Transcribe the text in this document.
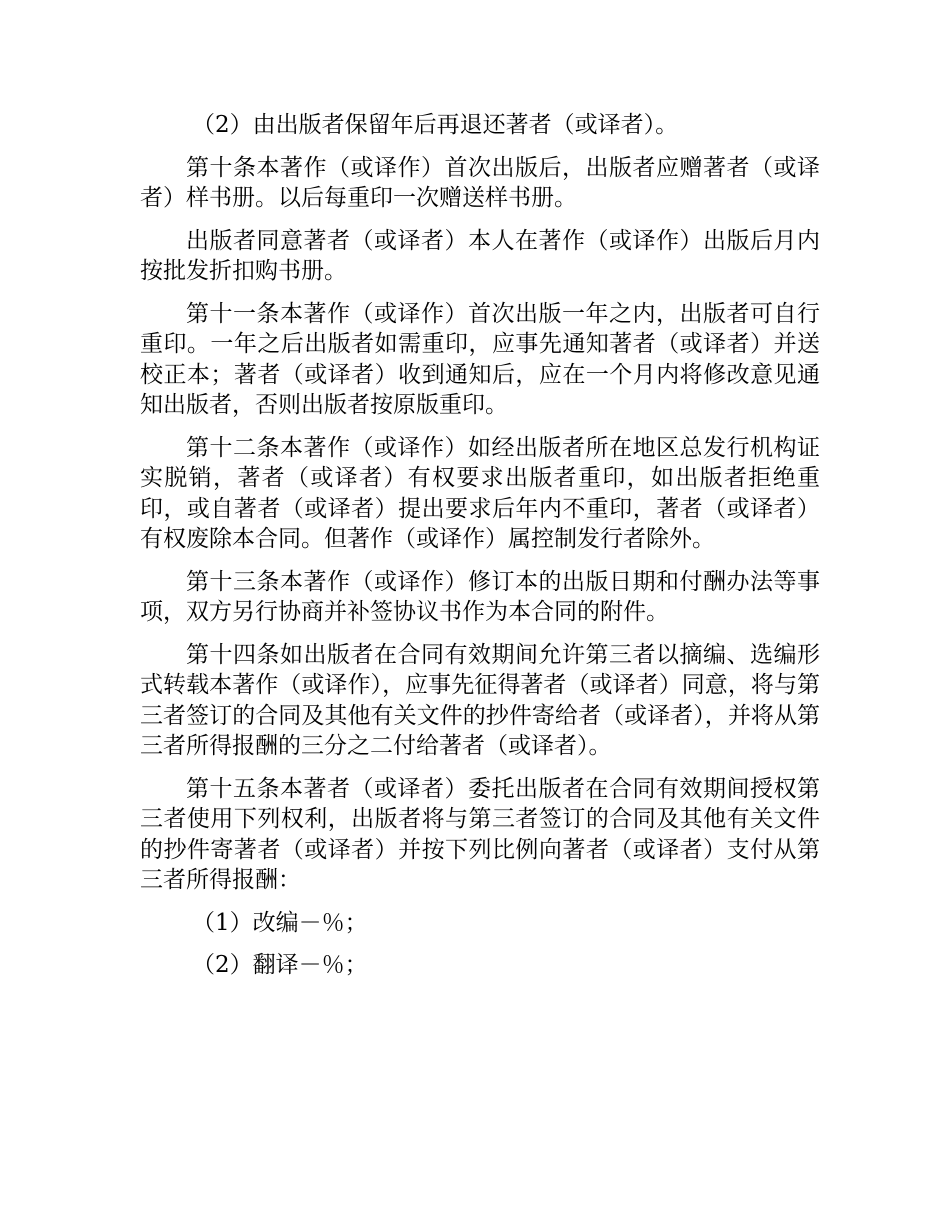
（2）由出版者保留年后再退还著者（或译者）。

第十条本著作（或译作）首次出版后，出版者应赠著者（或译者）样书册。以后每重印一次赠送样书册。

出版者同意著者（或译者）本人在著作（或译作）出版后月内按批发折扣购书册。

第十一条本著作（或译作）首次出版一年之内，出版者可自行重印。一年之后出版者如需重印，应事先通知著者（或译者）并送校正本；著者（或译者）收到通知后，应在一个月内将修改意见通知出版者，否则出版者按原版重印。

第十二条本著作（或译作）如经出版者所在地区总发行机构证实脱销，著者（或译者）有权要求出版者重印，如出版者拒绝重印，或自著者（或译者）提出要求后年内不重印，著者（或译者）有权废除本合同。但著作（或译作）属控制发行者除外。

第十三条本著作（或译作）修订本的出版日期和付酬办法等事项，双方另行协商并补签协议书作为本合同的附件。

第十四条如出版者在合同有效期间允许第三者以摘编、选编形式转载本著作（或译作），应事先征得著者（或译者）同意，将与第三者签订的合同及其他有关文件的抄件寄给者（或译者），并将从第三者所得报酬的三分之二付给著者（或译者）。

第十五条本著者（或译者）委托出版者在合同有效期间授权第三者使用下列权利，出版者将与第三者签订的合同及其他有关文件的抄件寄著者（或译者）并按下列比例向著者（或译者）支付从第三者所得报酬：

（1）改编－％；

（2）翻译－％；
